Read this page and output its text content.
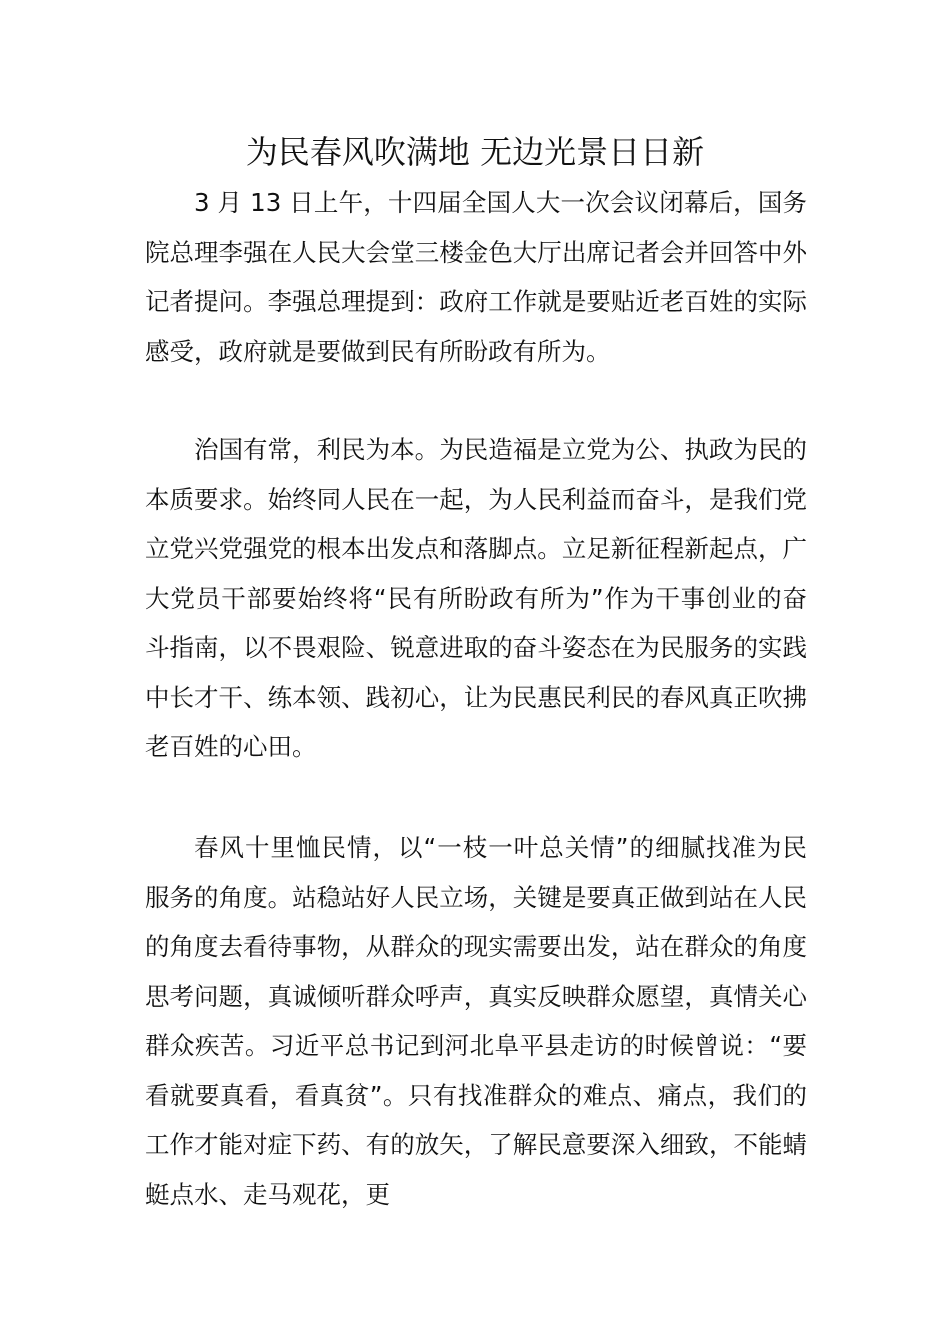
为民春风吹满地 无边光景日日新

3 月 13 日上午，十四届全国人大一次会议闭幕后，国务院总理李强在人民大会堂三楼金色大厅出席记者会并回答中外记者提问。李强总理提到：政府工作就是要贴近老百姓的实际感受，政府就是要做到民有所盼政有所为。

治国有常，利民为本。为民造福是立党为公、执政为民的本质要求。始终同人民在一起，为人民利益而奋斗，是我们党立党兴党强党的根本出发点和落脚点。立足新征程新起点，广大党员干部要始终将“民有所盼政有所为”作为干事创业的奋斗指南，以不畏艰险、锐意进取的奋斗姿态在为民服务的实践中长才干、练本领、践初心，让为民惠民利民的春风真正吹拂老百姓的心田。

春风十里恤民情，以“一枝一叶总关情”的细腻找准为民服务的角度。站稳站好人民立场，关键是要真正做到站在人民的角度去看待事物，从群众的现实需要出发，站在群众的角度思考问题，真诚倾听群众呼声，真实反映群众愿望，真情关心群众疾苦。习近平总书记到河北阜平县走访的时候曾说：“要看就要真看，看真贫”。只有找准群众的难点、痛点，我们的工作才能对症下药、有的放矢，了解民意要深入细致，不能蜻蜓点水、走马观花，更
